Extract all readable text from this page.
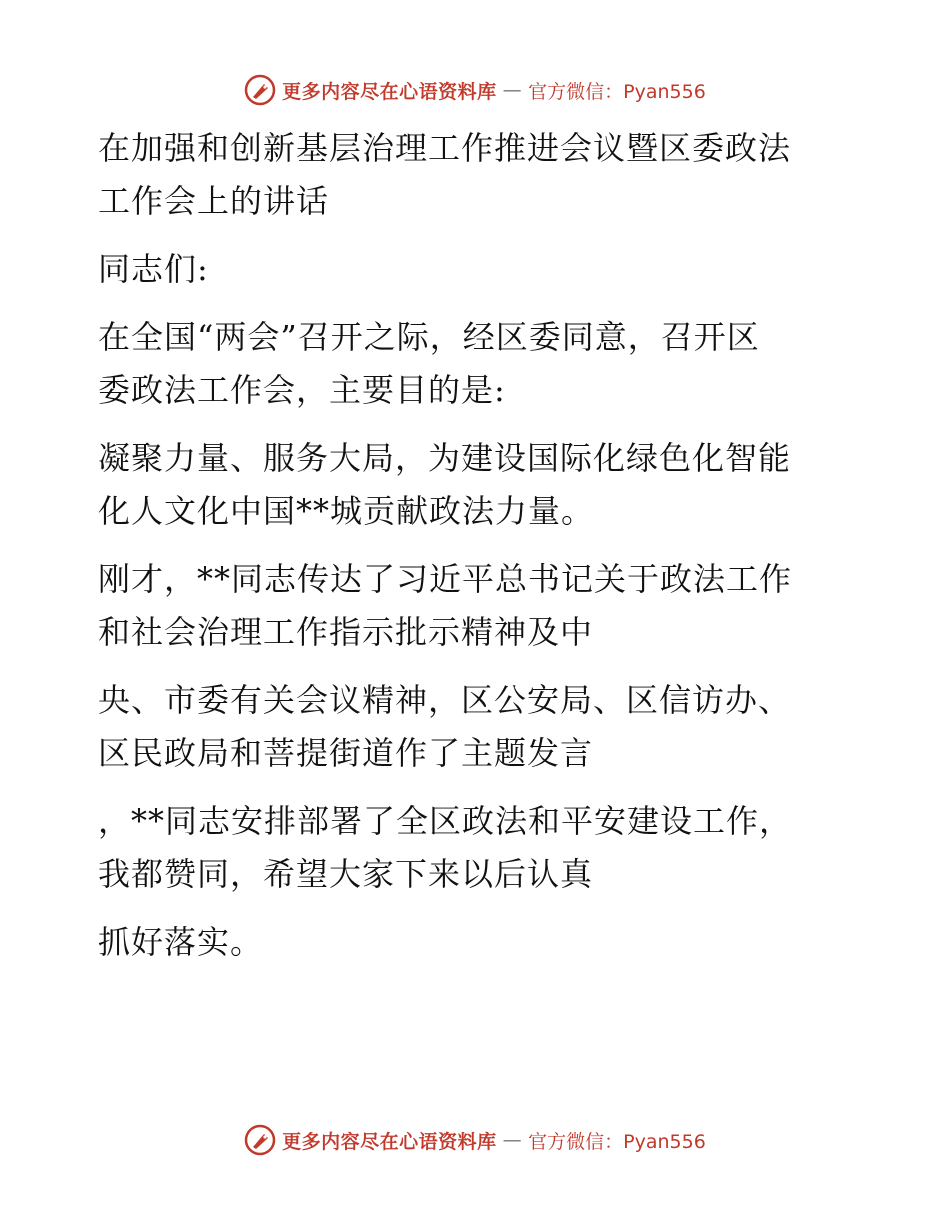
更多内容尽在心语资料库 — 官方微信：Pyan556

在加强和创新基层治理工作推进会议暨区委政法
工作会上的讲话

同志们:

在全国“两会”召开之际，经区委同意，召开区
委政法工作会，主要目的是:

凝聚力量、服务大局，为建设国际化绿色化智能
化人文化中国**城贡献政法力量。

刚才，**同志传达了习近平总书记关于政法工作
和社会治理工作指示批示精神及中

央、市委有关会议精神，区公安局、区信访办、
区民政局和菩提街道作了主题发言

，**同志安排部署了全区政法和平安建设工作，
我都赞同，希望大家下来以后认真

抓好落实。

更多内容尽在心语资料库 — 官方微信：Pyan556
